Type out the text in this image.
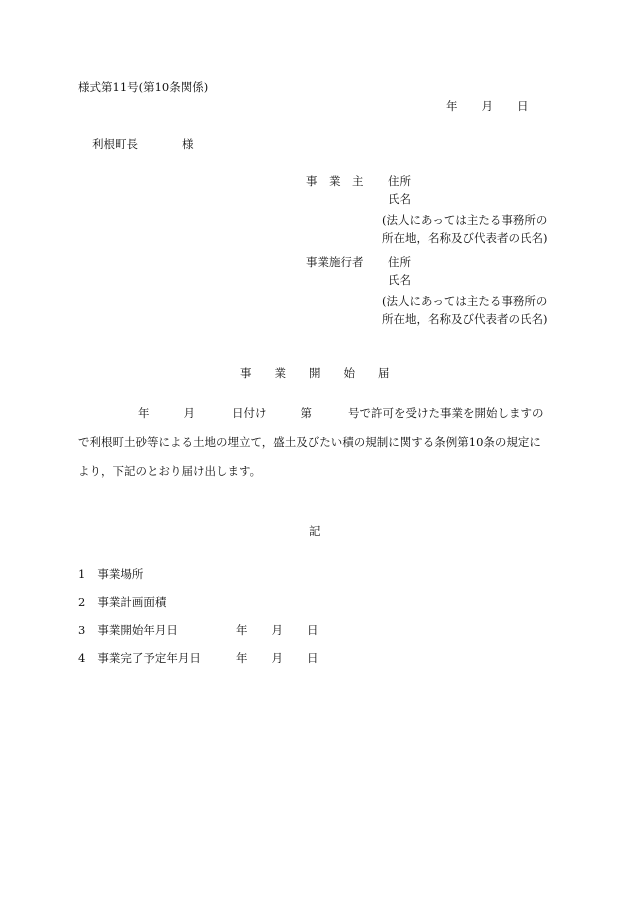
様式第11号(第10条関係)
年 月 日
利根町長	様
事　業　主 住所
氏名
(法人にあっては主たる事務所の
所在地，名称及び代表者の氏名)
事業施行者 住所
氏名
(法人にあっては主たる事務所の
所在地，名称及び代表者の氏名)
事 業 開 始 届
年	月	日付け	第	号で許可を受けた事業を開始しますの
で利根町土砂等による土地の埋立て，盛土及びたい積の規制に関する条例第10条の規定に
より，下記のとおり届け出します。
記
1 事業場所
2 事業計画面積
3 事業開始年月日	年 月 日
4 事業完了予定年月日	年 月 日
